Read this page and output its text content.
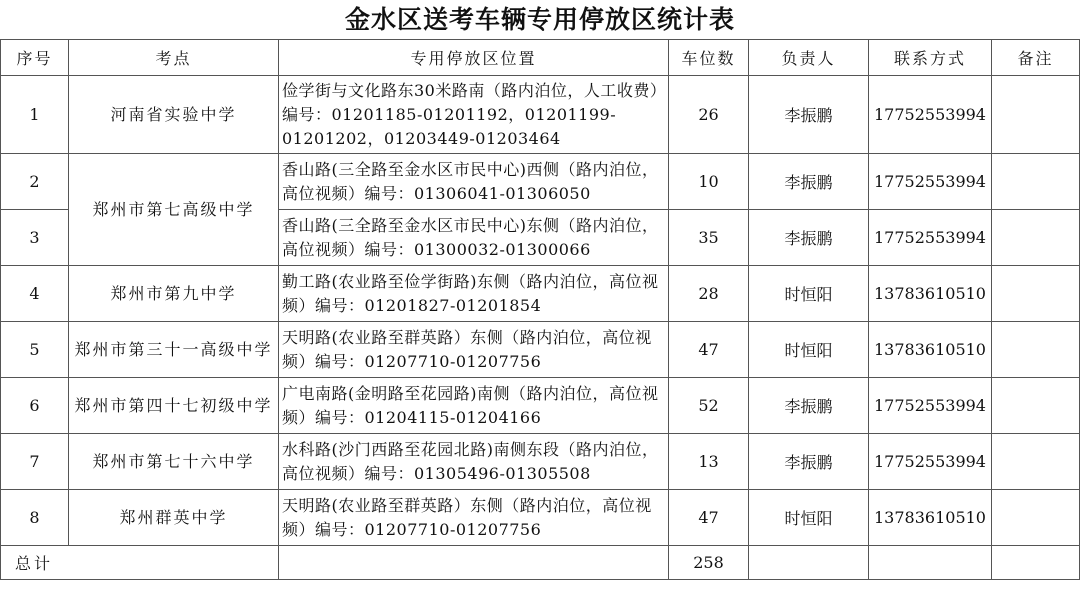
金水区送考车辆专用停放区统计表
序号	考点	专用停放区位置	车位数	负责人	联系方式	备注
1	河南省实验中学	俭学街与文化路东30米路南（路内泊位，人工收费）编号：01201185-01201192，01201199-01201202，01203449-01203464	26	李振鹏	17752553994	
2	郑州市第七高级中学	香山路(三全路至金水区市民中心)西侧（路内泊位，高位视频）编号：01306041-01306050	10	李振鹏	17752553994	
3		香山路(三全路至金水区市民中心)东侧（路内泊位，高位视频）编号：01300032-01300066	35	李振鹏	17752553994	
4	郑州市第九中学	勤工路(农业路至俭学街路)东侧（路内泊位，高位视频）编号：01201827-01201854	28	时恒阳	13783610510	
5	郑州市第三十一高级中学	天明路(农业路至群英路）东侧（路内泊位，高位视频）编号：01207710-01207756	47	时恒阳	13783610510	
6	郑州市第四十七初级中学	广电南路(金明路至花园路)南侧（路内泊位，高位视频）编号：01204115-01204166	52	李振鹏	17752553994	
7	郑州市第七十六中学	水科路(沙门西路至花园北路)南侧东段（路内泊位，高位视频）编号：01305496-01305508	13	李振鹏	17752553994	
8	郑州群英中学	天明路(农业路至群英路）东侧（路内泊位，高位视频）编号：01207710-01207756	47	时恒阳	13783610510	
总计			258			
